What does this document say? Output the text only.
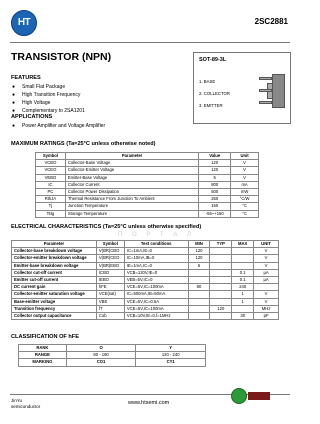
HT	2SC2881
TRANSISTOR (NPN)
FEATURES
● Small Flat Package
● High Transition Frequency
● High Voltage
● Complementary to 2SA1201
APPLICATIONS
● Power Amplifier and Voltage Amplifier
SOT-89-3L
1. BASE
2. COLLECTOR
3. EMITTER
MAXIMUM RATINGS (Ta=25°C unless otherwise noted)
Symbol	Parameter	Value	Unit
VCBO	Collector-Base Voltage	120	V
VCEO	Collector-Emitter Voltage	120	V
VEBO	Emitter-Base Voltage	5	V
IC	Collector Current	800	mA
PC	Collector Power Dissipation	500	mW
RthJA	Thermal Resistance From Junction To Ambient	250	°C/W
Tj	Junction Temperature	150	°C
Tstg	Storage Temperature	-55~+150	°C
ELECTRICAL CHARACTERISTICS (Ta=25°C unless otherwise specified)
П О Р Т А Л
Parameter	Symbol	Test conditions	MIN	TYP	MAX	UNIT
Collector-base breakdown voltage	V(BR)CBO	IC=1mA,IE=0	120			V
Collector-emitter breakdown voltage	V(BR)CEO	IC=10mA,IB=0	120			V
Emitter-base breakdown voltage	V(BR)EBO	IE=1mA,IC=0	5			V
Collector cut-off current	ICBO	VCB=120V,IE=0			0.1	µA
Emitter cut-off current	IEBO	VEB=5V,IC=0			0.1	µA
DC current gain	hFE	VCE=5V,IC=100mA	80		240	
Collector-emitter saturation voltage	VCE(sat)	IC=500mA,IB=50mA			1	V
Base-emitter voltage	VBE	VCE=5V,IC=0.5A			1	V
Transition frequency	fT	VCE=5V,IC=100mA		120		MHz
Collector output capacitance	Cob	VCB=10V,IE=0,f=1MHz			30	pF
CLASSIFICATION OF hFE
RANK	O	Y
RANGE	80 - 160	120 - 240
MARKING	CO1	CY1
JinYu
semiconductor
www.htsemi.com
